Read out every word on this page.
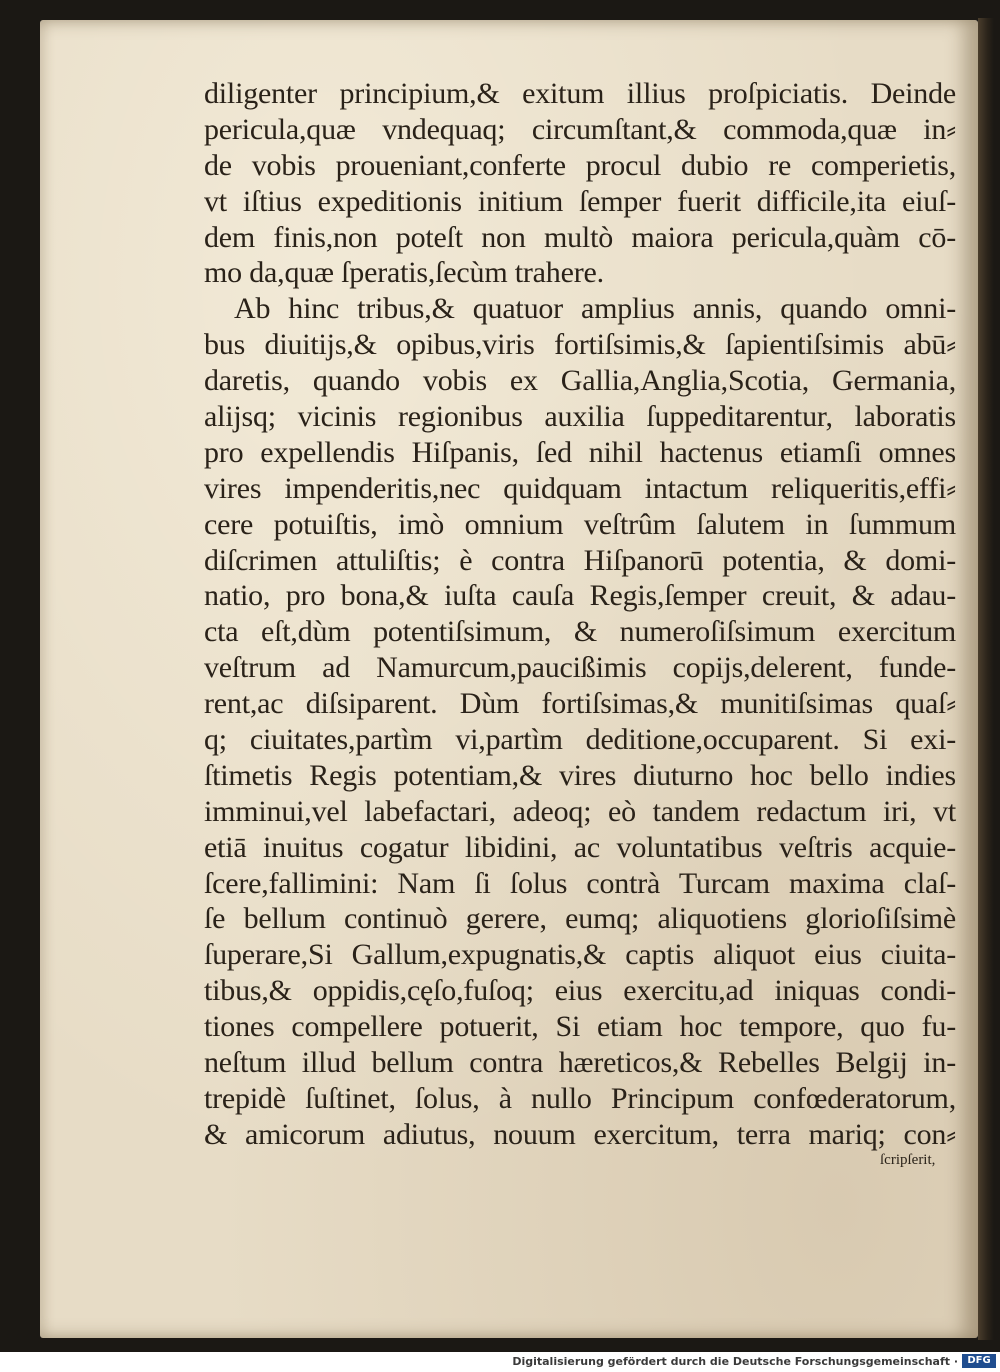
diligenter principium,& exitum illius proſpiciatis. Deinde
pericula,quæ vndequaq; circumſtant,& commoda,quæ in⸗
de vobis proueniant,conferte procul dubio re comperietis,
vt iſtius expeditionis initium ſemper fuerit difficile,ita eiuſ-
dem finis,non poteſt non multò maiora pericula,quàm cō-
mo da,quæ ſperatis,ſecùm trahere.
Ab hinc tribus,& quatuor amplius annis, quando omni-
bus diuitijs,& opibus,viris fortiſsimis,& ſapientiſsimis abū⸗
daretis, quando vobis ex Gallia,Anglia,Scotia, Germania,
alijsq; vicinis regionibus auxilia ſuppeditarentur, laboratis
pro expellendis Hiſpanis, ſed nihil hactenus etiamſi omnes
vires impenderitis,nec quidquam intactum reliqueritis,effi⸗
cere potuiſtis, imò omnium veſtrûm ſalutem in ſummum
diſcrimen attuliſtis; è contra Hiſpanorū potentia, & domi-
natio, pro bona,& iuſta cauſa Regis,ſemper creuit, & adau-
cta eſt,dùm potentiſsimum, & numeroſiſsimum exercitum
veſtrum ad Namurcum,paucißimis copijs,delerent, funde-
rent,ac diſsiparent. Dùm fortiſsimas,& munitiſsimas quaſ⸗
q; ciuitates,partìm vi,partìm deditione,occuparent. Si exi-
ſtimetis Regis potentiam,& vires diuturno hoc bello indies
imminui,vel labefactari, adeoq; eò tandem redactum iri, vt
etiā inuitus cogatur libidini, ac voluntatibus veſtris acquie-
ſcere,fallimini: Nam ſi ſolus contrà Turcam maxima claſ-
ſe bellum continuò gerere, eumq; aliquotiens glorioſiſsimè
ſuperare,Si Gallum,expugnatis,& captis aliquot eius ciuita-
tibus,& oppidis,cęſo,fuſoq; eius exercitu,ad iniquas condi-
tiones compellere potuerit, Si etiam hoc tempore, quo fu-
neſtum illud bellum contra hæreticos,& Rebelles Belgij in-
trepidè ſuſtinet, ſolus, à nullo Principum confœderatorum,
& amicorum adiutus, nouum exercitum, terra mariq; con⸗
ſcripſerit,
Digitalisierung gefördert durch die Deutsche Forschungsgemeinschaft · DFG
